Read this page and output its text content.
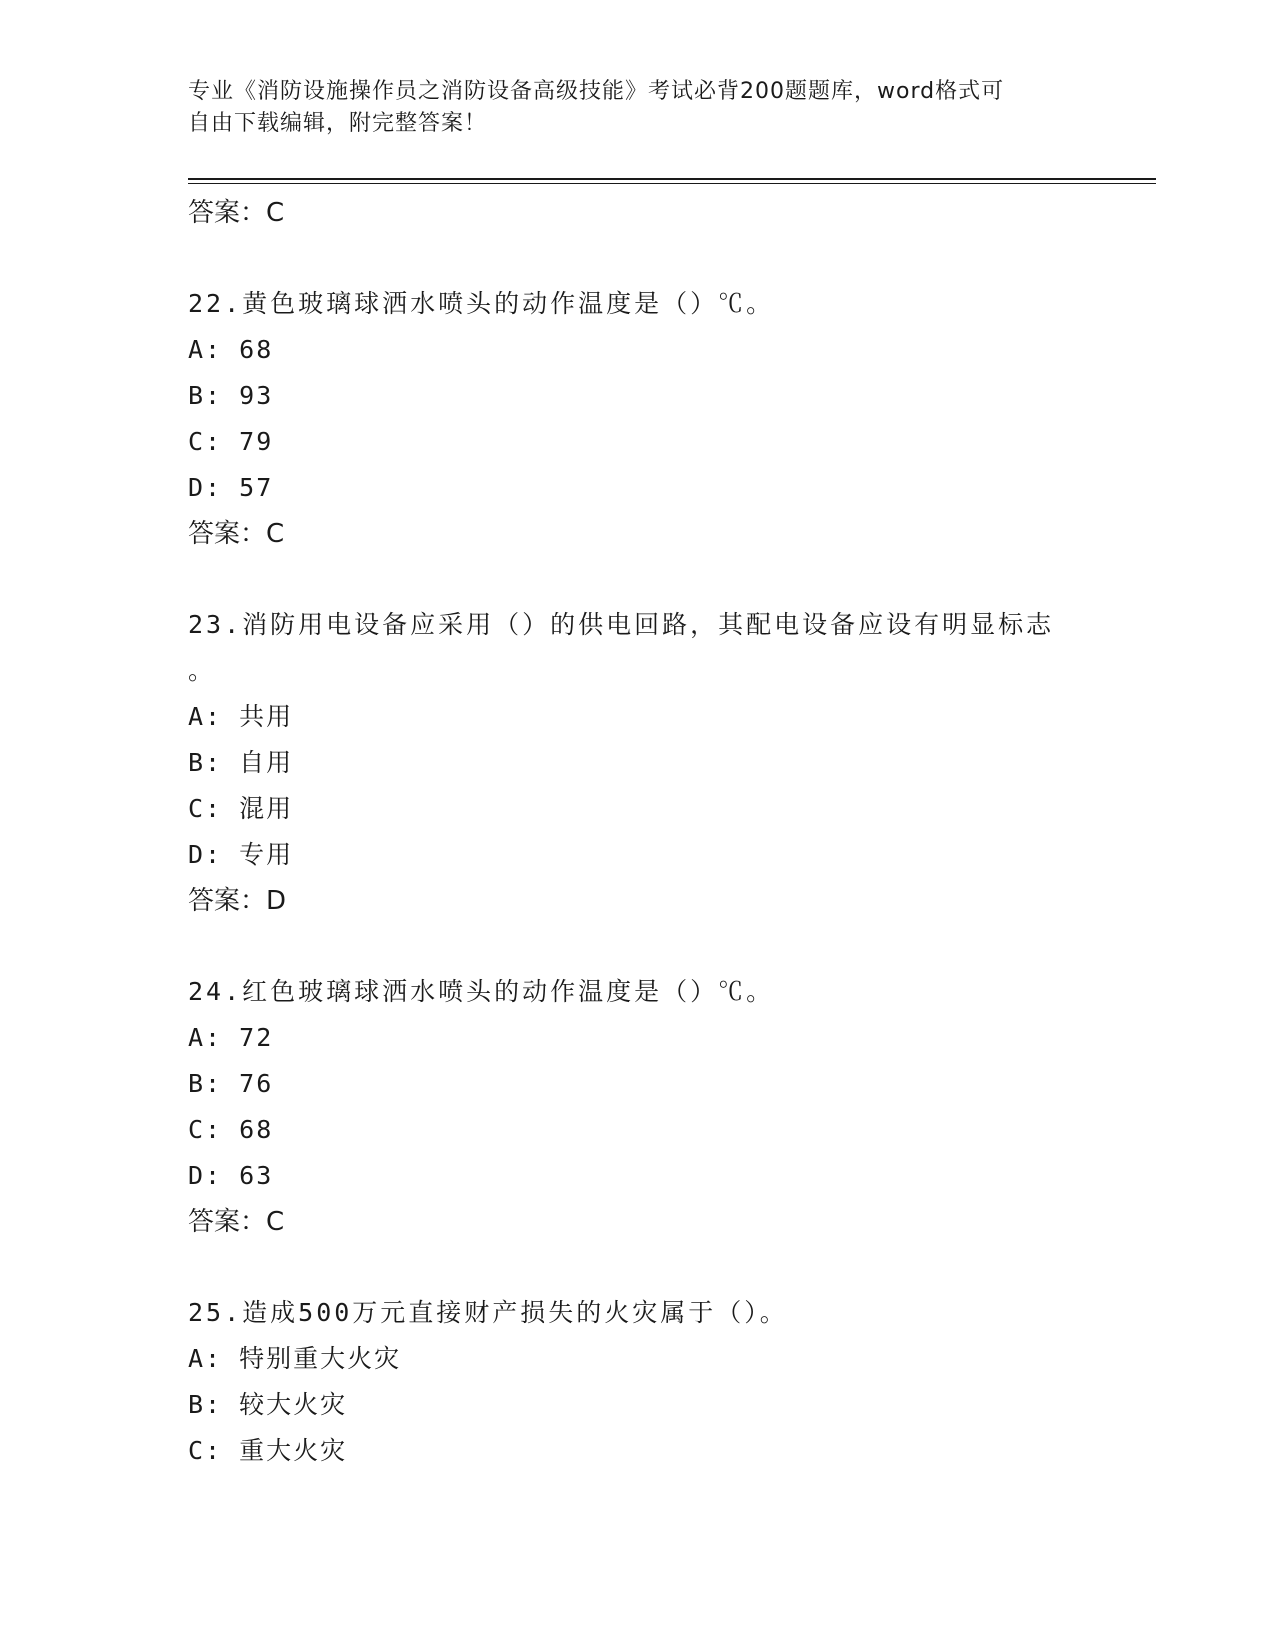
专业《消防设施操作员之消防设备高级技能》考试必背200题题库，word格式可
自由下载编辑，附完整答案！
答案：C
22.黄色玻璃球洒水喷头的动作温度是（）℃。
A: 68
B: 93
C: 79
D: 57
答案：C
23.消防用电设备应采用（）的供电回路，其配电设备应设有明显标志
。
A: 共用
B: 自用
C: 混用
D: 专用
答案：D
24.红色玻璃球洒水喷头的动作温度是（）℃。
A: 72
B: 76
C: 68
D: 63
答案：C
25.造成500万元直接财产损失的火灾属于（）。
A: 特别重大火灾
B: 较大火灾
C: 重大火灾
